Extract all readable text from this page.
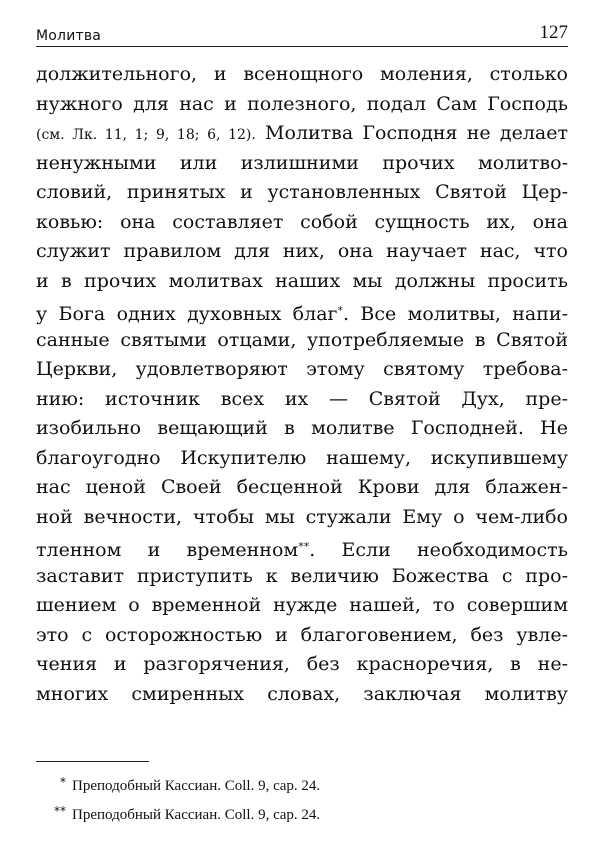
Молитва	127
должительного, и всенощного моления, столько
нужного для нас и полезного, подал Сам Господь
(см. Лк. 11, 1; 9, 18; 6, 12). Молитва Господня не делает
ненужными или излишними прочих молитво-
словий, принятых и установленных Святой Цер-
ковью: она составляет собой сущность их, она
служит правилом для них, она научает нас, что
и в прочих молитвах наших мы должны просить
у Бога одних духовных благ*. Все молитвы, напи-
санные святыми отцами, употребляемые в Святой
Церкви, удовлетворяют этому святому требова-
нию: источник всех их — Святой Дух, пре-
изобильно вещающий в молитве Господней. Не
благоугодно Искупителю нашему, искупившему
нас ценой Своей бесценной Крови для блажен-
ной вечности, чтобы мы стужали Ему о чем-либо
тленном и временном**. Если необходимость
заставит приступить к величию Божества с про-
шением о временной нужде нашей, то совершим
это с осторожностью и благоговением, без увле-
чения и разгорячения, без красноречия, в не-
многих смиренных словах, заключая молитву
* Преподобный Кассиан. Coll. 9, cap. 24.
** Преподобный Кассиан. Coll. 9, cap. 24.
